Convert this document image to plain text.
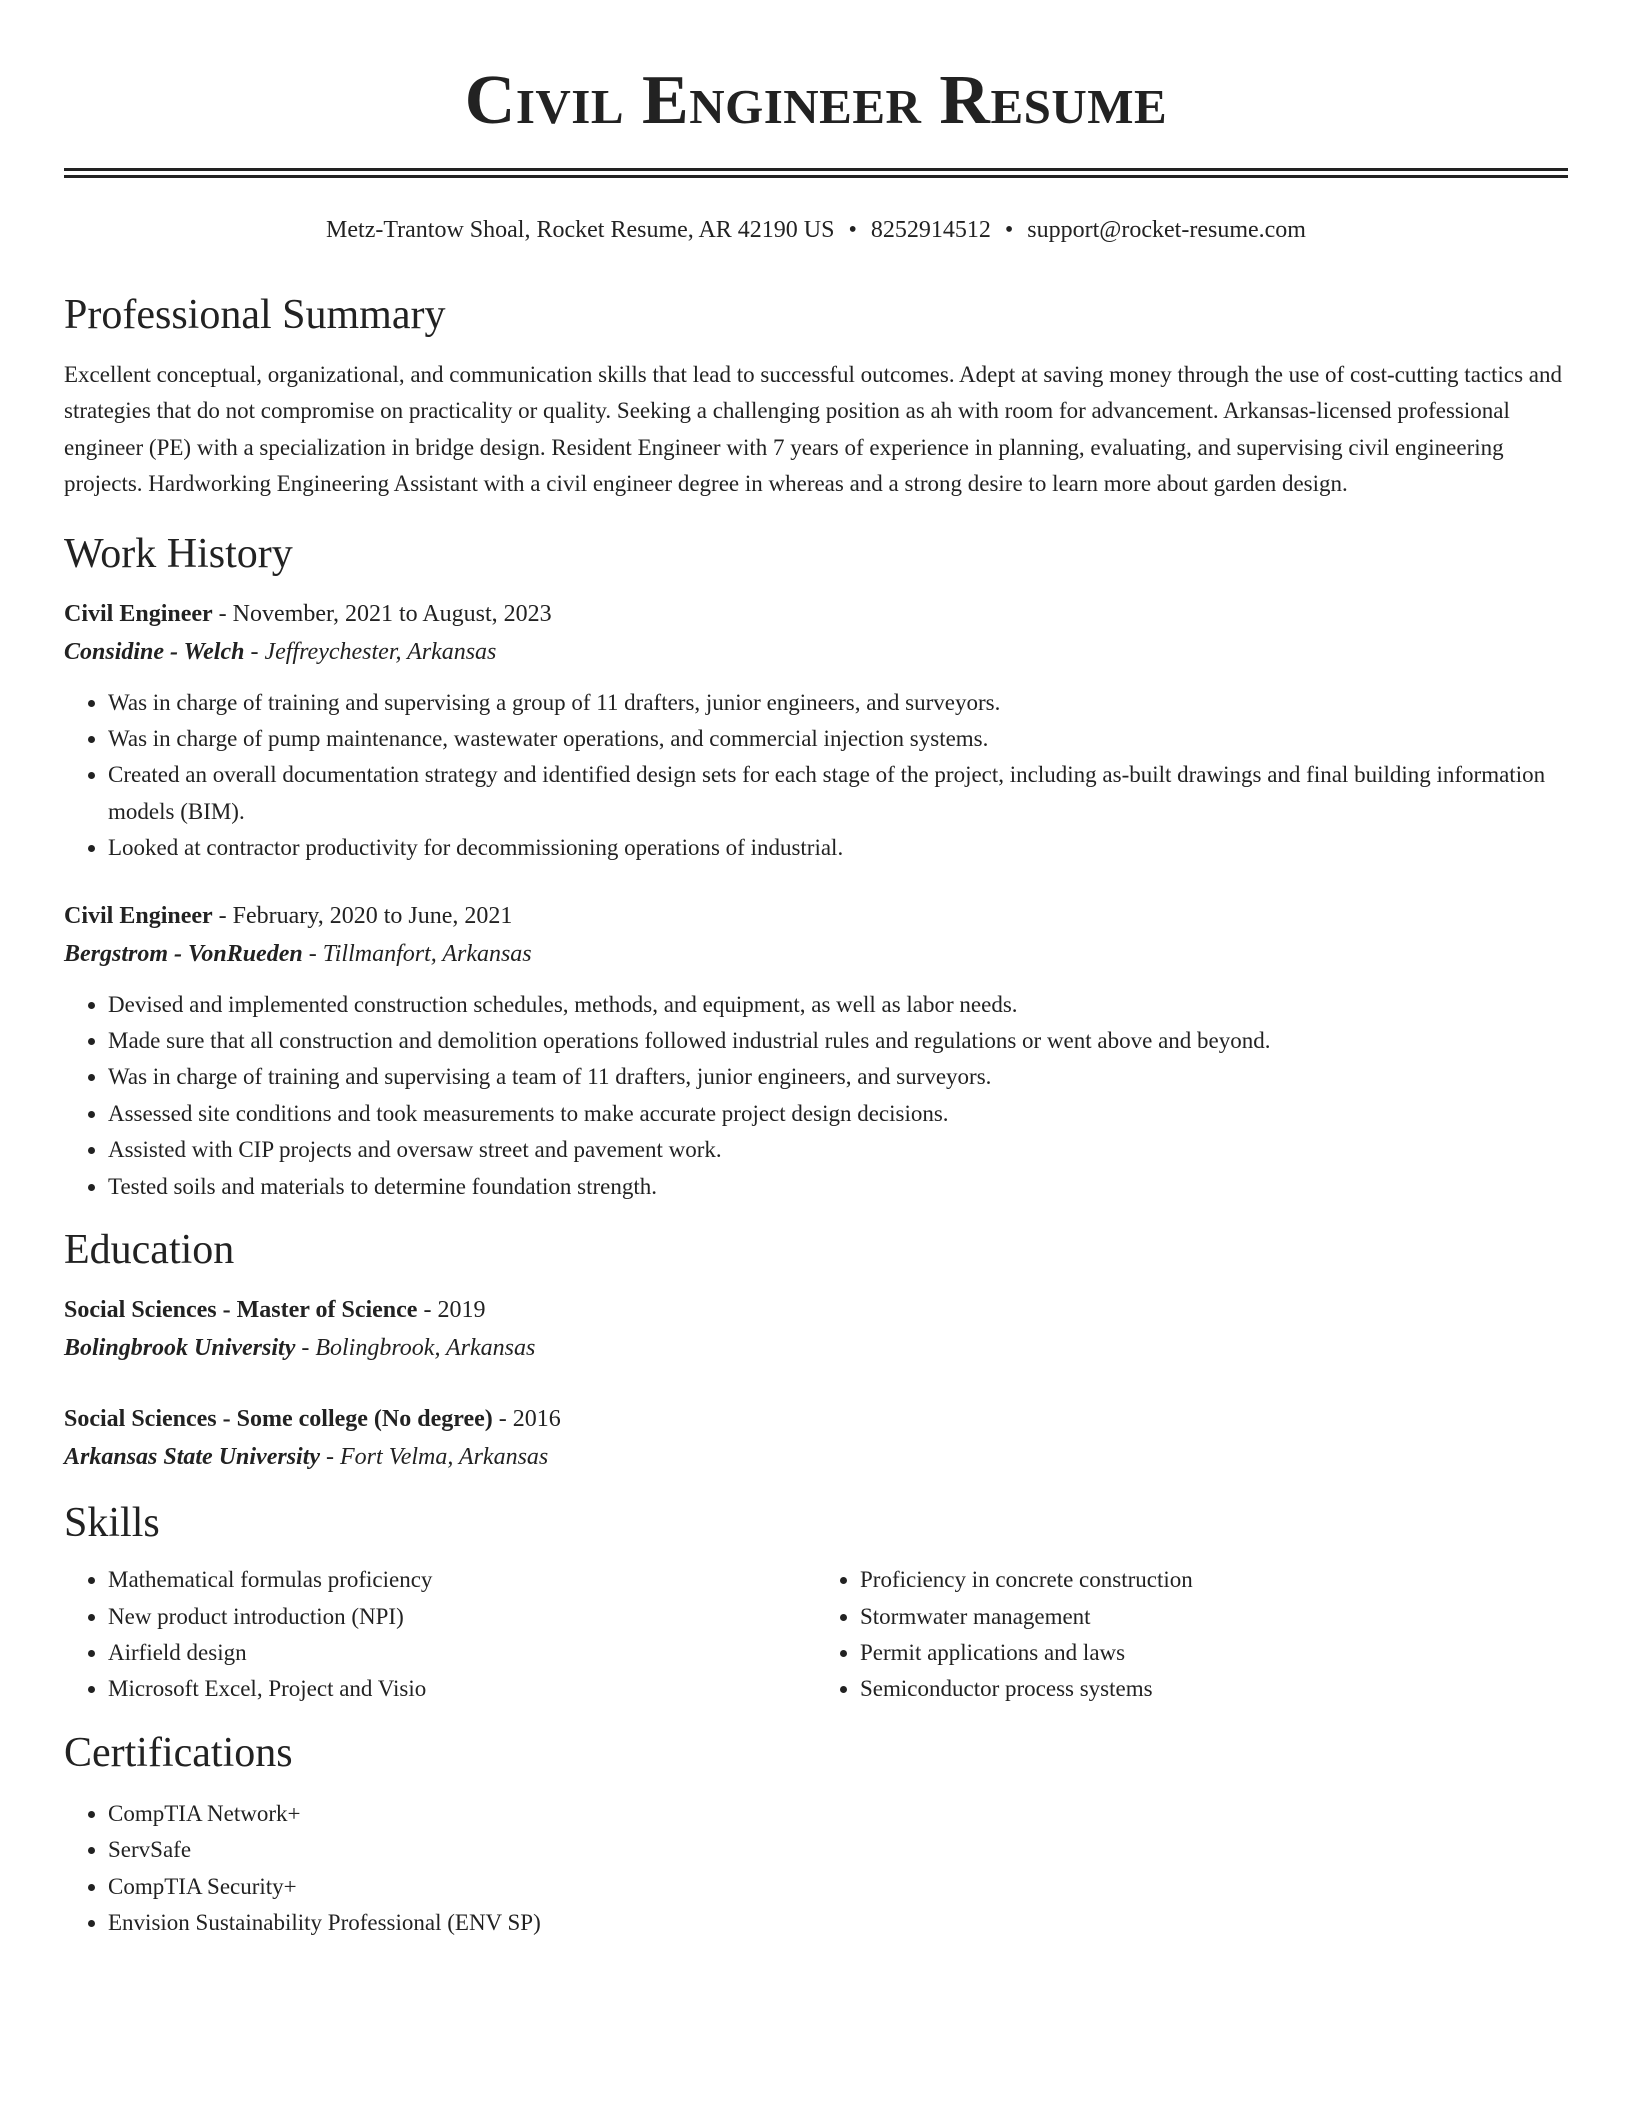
Civil Engineer Resume
Metz-Trantow Shoal, Rocket Resume, AR 42190 US • 8252914512 • support@rocket-resume.com
Professional Summary
Excellent conceptual, organizational, and communication skills that lead to successful outcomes. Adept at saving money through the use of cost-cutting tactics and strategies that do not compromise on practicality or quality. Seeking a challenging position as ah with room for advancement. Arkansas-licensed professional engineer (PE) with a specialization in bridge design. Resident Engineer with 7 years of experience in planning, evaluating, and supervising civil engineering projects. Hardworking Engineering Assistant with a civil engineer degree in whereas and a strong desire to learn more about garden design.
Work History
Civil Engineer - November, 2021 to August, 2023
Considine - Welch - Jeffreychester, Arkansas
• Was in charge of training and supervising a group of 11 drafters, junior engineers, and surveyors.
• Was in charge of pump maintenance, wastewater operations, and commercial injection systems.
• Created an overall documentation strategy and identified design sets for each stage of the project, including as-built drawings and final building information models (BIM).
• Looked at contractor productivity for decommissioning operations of industrial.
Civil Engineer - February, 2020 to June, 2021
Bergstrom - VonRueden - Tillmanfort, Arkansas
• Devised and implemented construction schedules, methods, and equipment, as well as labor needs.
• Made sure that all construction and demolition operations followed industrial rules and regulations or went above and beyond.
• Was in charge of training and supervising a team of 11 drafters, junior engineers, and surveyors.
• Assessed site conditions and took measurements to make accurate project design decisions.
• Assisted with CIP projects and oversaw street and pavement work.
• Tested soils and materials to determine foundation strength.
Education
Social Sciences - Master of Science - 2019
Bolingbrook University - Bolingbrook, Arkansas
Social Sciences - Some college (No degree) - 2016
Arkansas State University - Fort Velma, Arkansas
Skills
• Mathematical formulas proficiency
• New product introduction (NPI)
• Airfield design
• Microsoft Excel, Project and Visio
• Proficiency in concrete construction
• Stormwater management
• Permit applications and laws
• Semiconductor process systems
Certifications
• CompTIA Network+
• ServSafe
• CompTIA Security+
• Envision Sustainability Professional (ENV SP)
